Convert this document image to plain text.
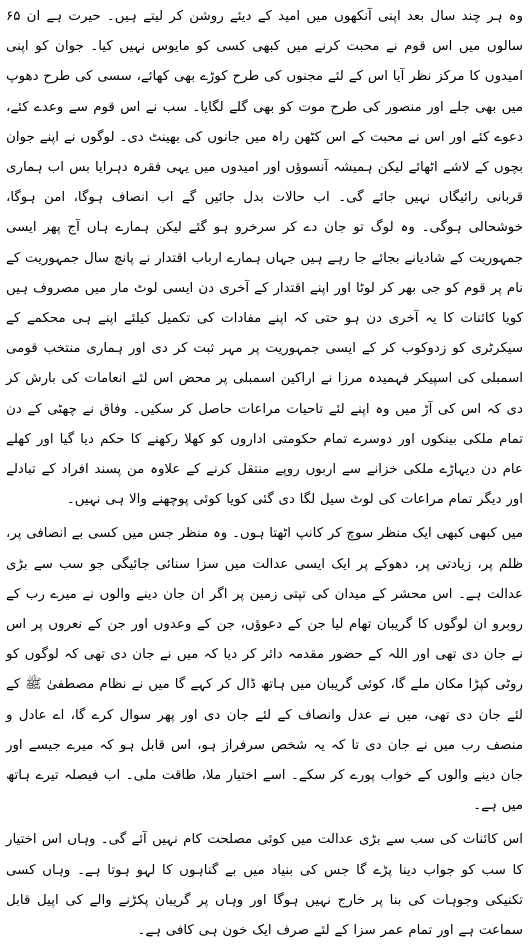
وہ ہر چند سال بعد اپنی آنکھوں میں امید کے دیئے روشن کر لیتے ہیں۔ حیرت ہے ان ۶۵ سالوں میں اس قوم نے محبت کرنے میں کبھی کسی کو مایوس نہیں کیا۔ جوان کو اپنی امیدوں کا مرکز نظر آیا اس کے لئے مجنوں کی طرح کوڑے بھی کھائے، سسی کی طرح دھوپ میں بھی جلے اور منصور کی طرح موت کو بھی گلے لگایا۔ سب نے اس قوم سے وعدے کئے، دعوے کئے اور اس نے محبت کے اس کٹھن راہ میں جانوں کی بھینٹ دی۔ لوگوں نے اپنے جوان بچوں کے لاشے اٹھائے لیکن ہمیشہ آنسوؤں اور امیدوں میں یہی فقرہ دہرایا بس اب ہماری قربانی رائیگاں نہیں جائے گی۔ اب حالات بدل جائیں گے اب انصاف ہوگا، امن ہوگا، خوشحالی ہوگی۔ وہ لوگ تو جان دے کر سرخرو ہو گئے لیکن ہمارے ہاں آج پھر ایسی جمہوریت کے شادیانے بجائے جا رہے ہیں جہاں ہمارے ارباب اقتدار نے پانچ سال جمہوریت کے نام پر قوم کو جی بھر کر لوٹا اور اپنے اقتدار کے آخری دن ایسی لوٹ مار میں مصروف ہیں کویا کائنات کا یہ آخری دن ہو حتی کہ اپنے مفادات کی تکمیل کیلئے اپنے ہی محکمے کے سیکرٹری کو زدوکوب کر کے ایسی جمہوریت پر مہر ثبت کر دی اور ہماری منتخب قومی اسمبلی کی اسپیکر فہمیدہ مرزا نے اراکین اسمبلی پر محض اس لئے انعامات کی بارش کر دی کہ اس کی آڑ میں وہ اپنے لئے تاحیات مراعات حاصل کر سکیں۔ وفاق نے چھٹی کے دن تمام ملکی بینکوں اور دوسرے تمام حکومتی اداروں کو کھلا رکھنے کا حکم دیا گیا اور کھلے عام دن دیہاڑے ملکی خزانے سے اربوں روپے منتقل کرنے کے علاوہ من پسند افراد کے تبادلے اور دیگر تمام مراعات کی لوٹ سیل لگا دی گئی کویا کوئی پوچھنے والا ہی نہیں۔

میں کبھی کبھی ایک منظر سوچ کر کانپ اٹھتا ہوں۔ وہ منظر جس میں کسی بے انصافی پر، ظلم پر، زیادتی پر، دھوکے پر ایک ایسی عدالت میں سزا سنائی جائیگی جو سب سے بڑی عدالت ہے۔ اس محشر کے میدان کی تپتی زمین پر اگر ان جان دینے والوں نے میرے رب کے روبرو ان لوگوں کا گریبان تھام لیا جن کے دعوؤں، جن کے وعدوں اور جن کے نعروں پر اس نے جان دی تھی اور اللہ کے حضور مقدمہ دائر کر دیا کہ میں نے جان دی تھی کہ لوگوں کو روٹی کپڑا مکان ملے گا، کوئی گریبان میں ہاتھ ڈال کر کہے گا میں نے نظام مصطفیٰ ﷺ کے لئے جان دی تھی، میں نے عدل وانصاف کے لئے جان دی اور پھر سوال کرے گا، اے عادل و منصف رب میں نے جان دی تا کہ یہ شخص سرفراز ہو، اس قابل ہو کہ میرے جیسے اور جان دینے والوں کے خواب پورے کر سکے۔ اسے اختیار ملا، طاقت ملی۔ اب فیصلہ تیرے ہاتھ میں ہے۔

اس کائنات کی سب سے بڑی عدالت میں کوئی مصلحت کام نہیں آئے گی۔ وہاں اس اختیار کا سب کو جواب دینا پڑے گا جس کی بنیاد میں بے گناہوں کا لہو ہوتا ہے۔ وہاں کسی تکنیکی وجوہات کی بنا پر خارج نہیں ہوگا اور وہاں پر گریبان پکڑنے والے کی اپیل قابل سماعت ہے اور تمام عمر سزا کے لئے صرف ایک خون ہی کافی ہے۔
